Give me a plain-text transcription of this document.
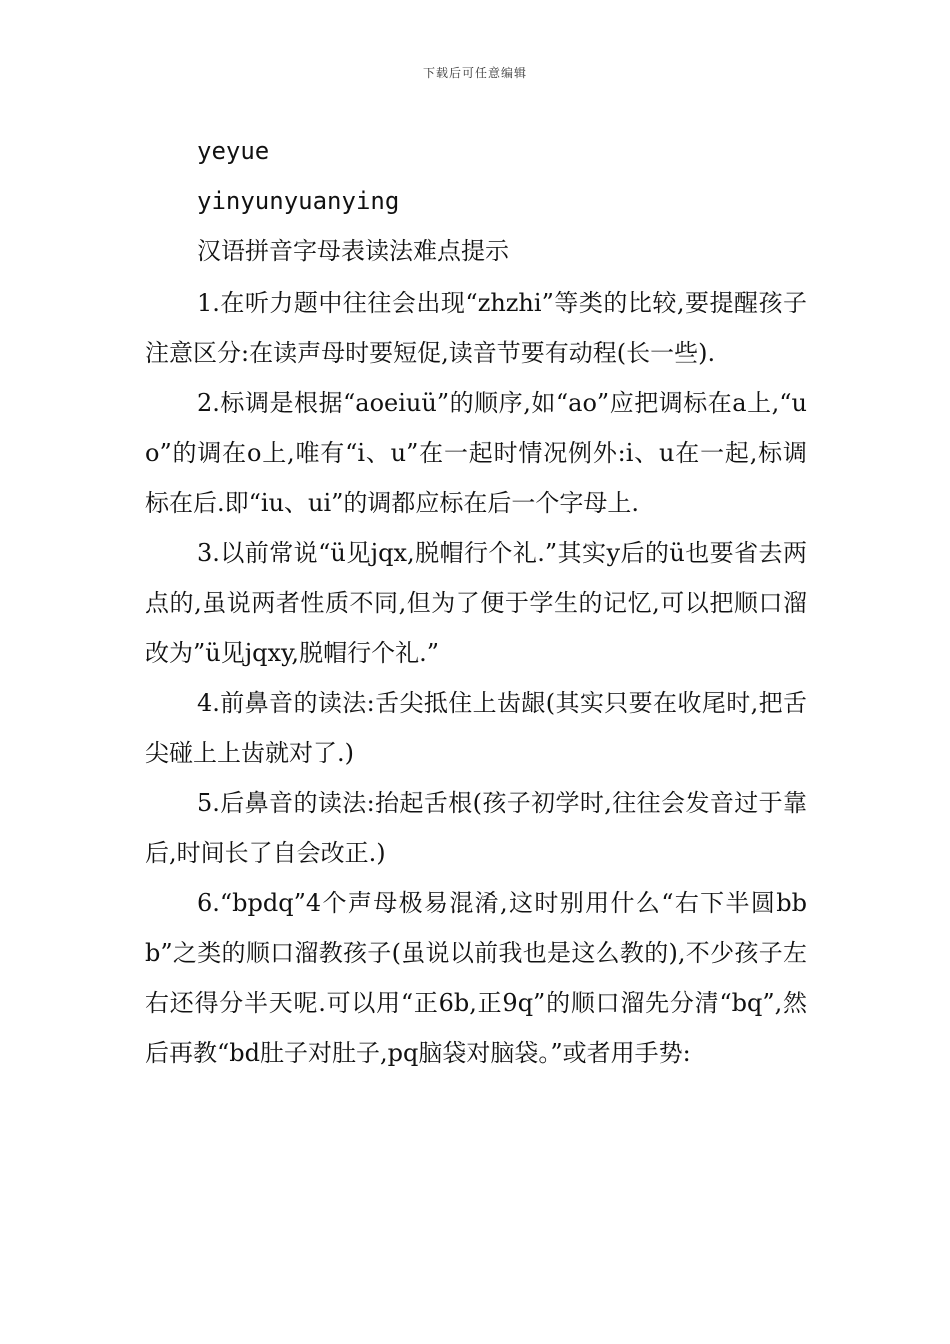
下载后可任意编辑
yeyue
yinyunyuanying
汉语拼音字母表读法难点提示

1.在听力题中往往会出现“zhzhi”等类的比较,要提醒孩子注意区分:在读声母时要短促,读音节要有动程(长一些).

2.标调是根据“aoeiuü”的顺序,如“ao”应把调标在a上,“uo”的调在o上,唯有“i、u”在一起时情况例外:i、u在一起,标调标在后.即“iu、ui”的调都应标在后一个字母上.

3.以前常说“ü见jqx,脱帽行个礼.”其实y后的ü也要省去两点的,虽说两者性质不同,但为了便于学生的记忆,可以把顺口溜改为”ü见jqxy,脱帽行个礼.”

4.前鼻音的读法:舌尖抵住上齿龈(其实只要在收尾时,把舌尖碰上上齿就对了.)

5.后鼻音的读法:抬起舌根(孩子初学时,往往会发音过于靠后,时间长了自会改正.)

6.“bpdq”4个声母极易混淆,这时别用什么“右下半圆bbb”之类的顺口溜教孩子(虽说以前我也是这么教的),不少孩子左右还得分半天呢.可以用“正6b,正9q”的顺口溜先分清“bq”,然后再教“bd肚子对肚子,pq脑袋对脑袋。”或者用手势:
